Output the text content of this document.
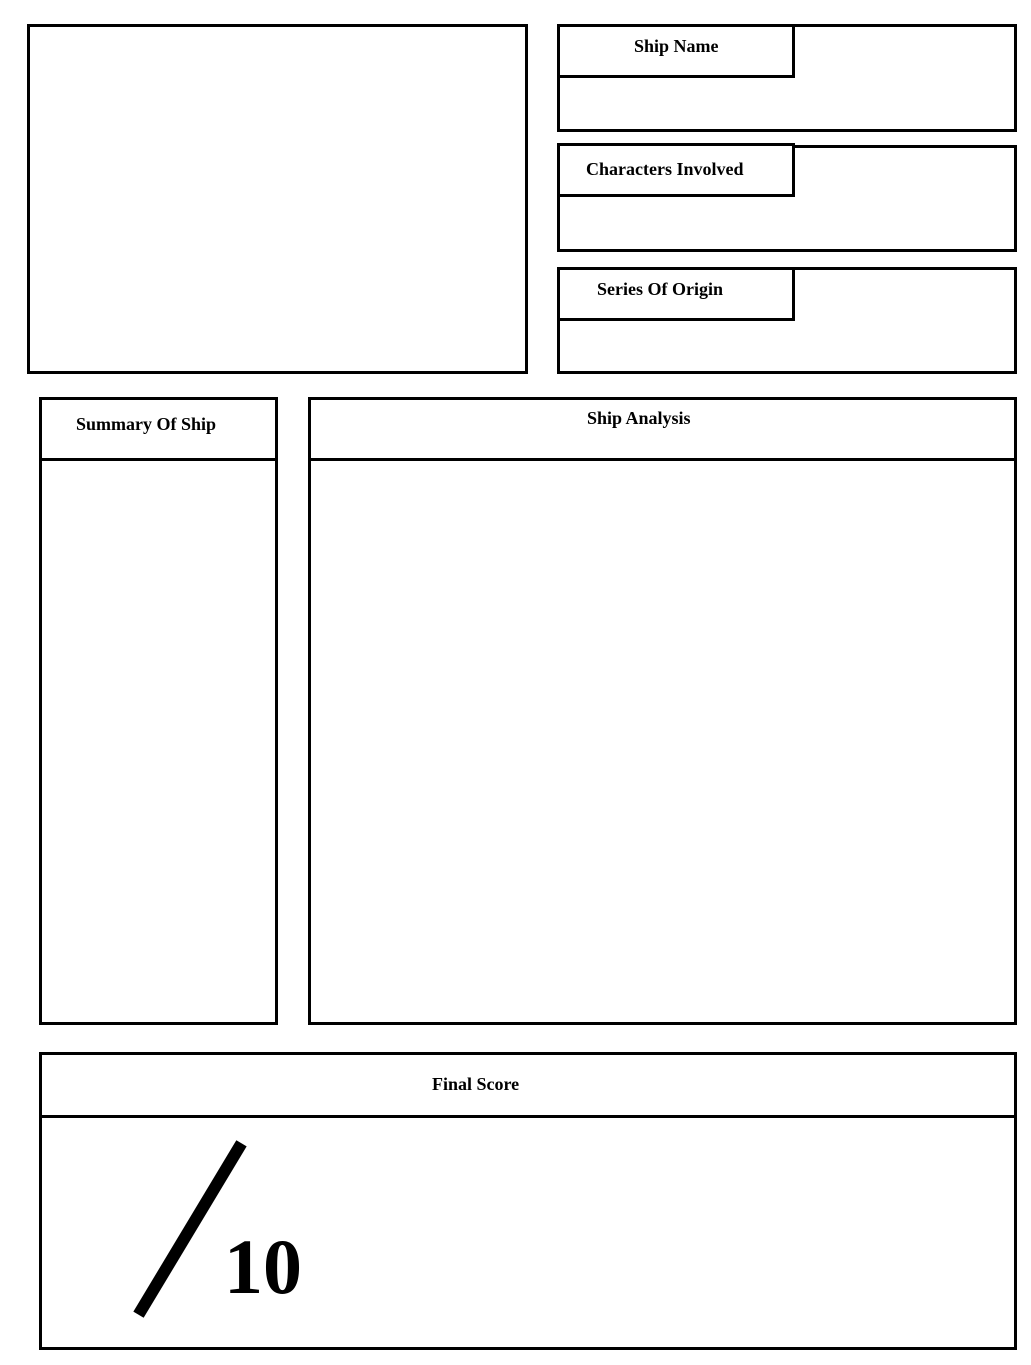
Ship Name
Characters Involved
Series Of Origin
Summary Of Ship	Ship Analysis
Final Score
10
